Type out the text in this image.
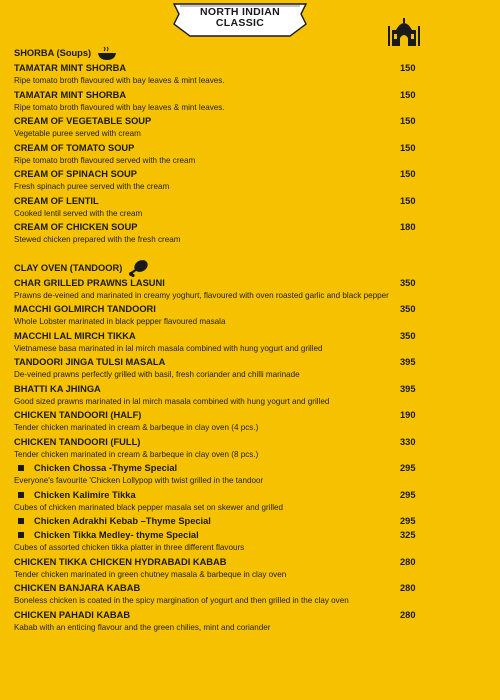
NORTH INDIAN
CLASSIC
SHORBA (Soups)
TAMATAR MINT SHORBA	150
Ripe tomato broth flavoured with bay leaves & mint leaves.
TAMATAR MINT SHORBA	150
Ripe tomato broth flavoured with bay leaves & mint leaves.
CREAM OF VEGETABLE SOUP	150
Vegetable puree served with cream
CREAM OF TOMATO SOUP	150
Ripe tomato broth flavoured served with the cream
CREAM OF SPINACH SOUP	150
Fresh spinach puree served with the cream
CREAM OF LENTIL	150
Cooked lentil served with the cream
CREAM OF CHICKEN SOUP	180
Stewed chicken prepared with the fresh cream
CLAY OVEN (TANDOOR)
CHAR GRILLED PRAWNS LASUNI	350
Prawns de-veined and marinated in creamy yoghurt, flavoured with oven roasted garlic and black pepper
MACCHI GOLMIRCH TANDOORI	350
Whole Lobster marinated in black pepper flavoured masala
MACCHI LAL MIRCH TIKKA	350
Vietnamese basa marinated in lal mirch masala combined with hung yogurt and grilled
TANDOORI JINGA TULSI MASALA	395
De-veined prawns perfectly grilled with basil, fresh coriander and chilli marinade
BHATTI KA JHINGA	395
Good sized prawns marinated in lal mirch masala combined with hung yogurt and grilled
CHICKEN TANDOORI (HALF)	190
Tender chicken marinated in cream & barbeque in clay oven (4 pcs.)
CHICKEN TANDOORI (FULL)	330
Tender chicken marinated in cream & barbeque in clay oven (8 pcs.)
Chicken Chossa -Thyme Special	295
Everyone's favourite 'Chicken Lollypop with twist grilled in the tandoor
Chicken Kalimire Tikka	295
Cubes of chicken marinated black pepper masala set on skewer and grilled
Chicken Adrakhi Kebab –Thyme Special	295
Chicken Tikka Medley- thyme Special	325
Cubes of assorted chicken tikka platter in three different flavours
CHICKEN TIKKA CHICKEN HYDRABADI KABAB	280
Tender chicken marinated in green chutney masala & barbeque in clay oven
CHICKEN BANJARA KABAB	280
Boneless chicken is coated in the spicy margination of yogurt and then grilled in the clay oven
CHICKEN PAHADI KABAB	280
Kabab with an enticing flavour and the green chilies, mint and coriander
